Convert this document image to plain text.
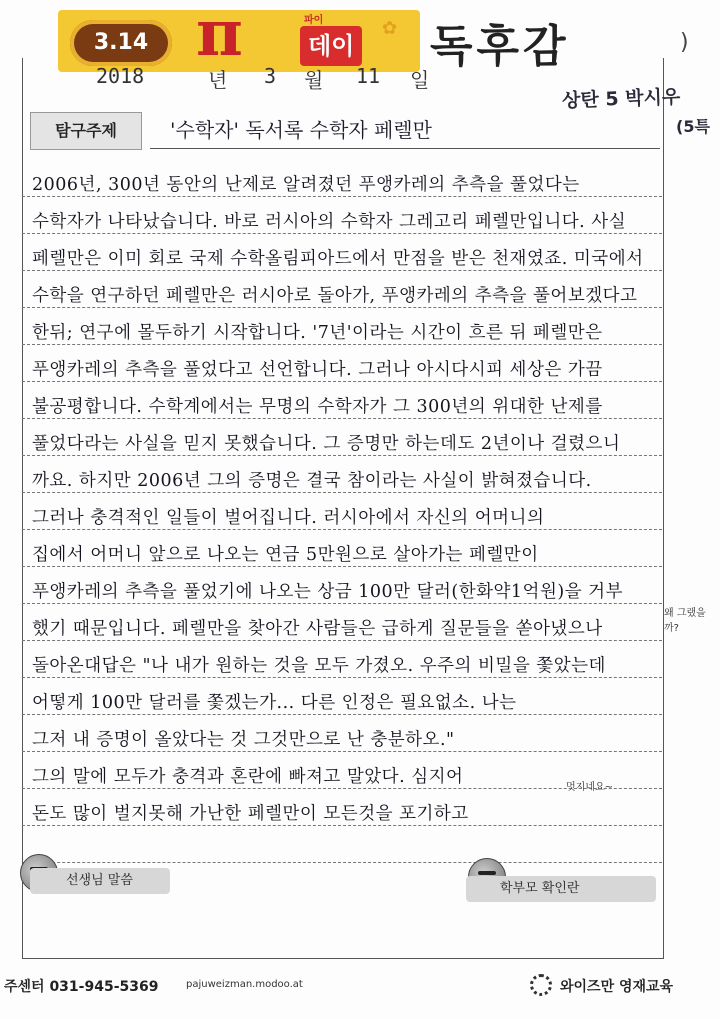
3.14 π	파이
데이
✿ 독후감	)
2018	년 3 월 11 일
상탄 5 박시우
(5특
탐구주제	'수학자' 독서록 수학자 페렐만
2006년, 300년 동안의 난제로 알려졌던 푸앵카레의 추측을 풀었다는
수학자가 나타났습니다. 바로 러시아의 수학자 그레고리 페렐만입니다. 사실
페렐만은 이미 회로 국제 수학올림피아드에서 만점을 받은 천재였죠. 미국에서
수학을 연구하던 페렐만은 러시아로 돌아가, 푸앵카레의 추측을 풀어보겠다고
한뒤; 연구에 몰두하기 시작합니다. '7년'이라는 시간이 흐른 뒤 페렐만은
푸앵카레의 추측을 풀었다고 선언합니다. 그러나 아시다시피 세상은 가끔
불공평합니다. 수학계에서는 무명의 수학자가 그 300년의 위대한 난제를
풀었다라는 사실을 믿지 못했습니다. 그 증명만 하는데도 2년이나 걸렸으니
까요. 하지만 2006년 그의 증명은 결국 참이라는 사실이 밝혀졌습니다.
그러나 충격적인 일들이 벌어집니다. 러시아에서 자신의 어머니의
집에서 어머니 앞으로 나오는 연금 5만원으로 살아가는 페렐만이
푸앵카레의 추측을 풀었기에 나오는 상금 100만 달러(한화약1억원)을 거부
했기 때문입니다. 페렐만을 찾아간 사람들은 급하게 질문들을 쏟아냈으나
돌아온대답은 "나 내가 원하는 것을 모두 가졌오. 우주의 비밀을 쫓았는데
어떻게 100만 달러를 쫓겠는가... 다른 인정은 필요없소. 나는
그저 내 증명이 올았다는 것 그것만으로 난 충분하오."
그의 말에 모두가 충격과 혼란에 빠져고 말았다. 심지어
돈도 많이 벌지못해 가난한 페렐만이 모든것을 포기하고
왜 그랬을까?
멋지네요~
선생님 말씀
학부모 확인란
주센터 031-945-5369	pajuweizman.modoo.at	와이즈만 영재교육
